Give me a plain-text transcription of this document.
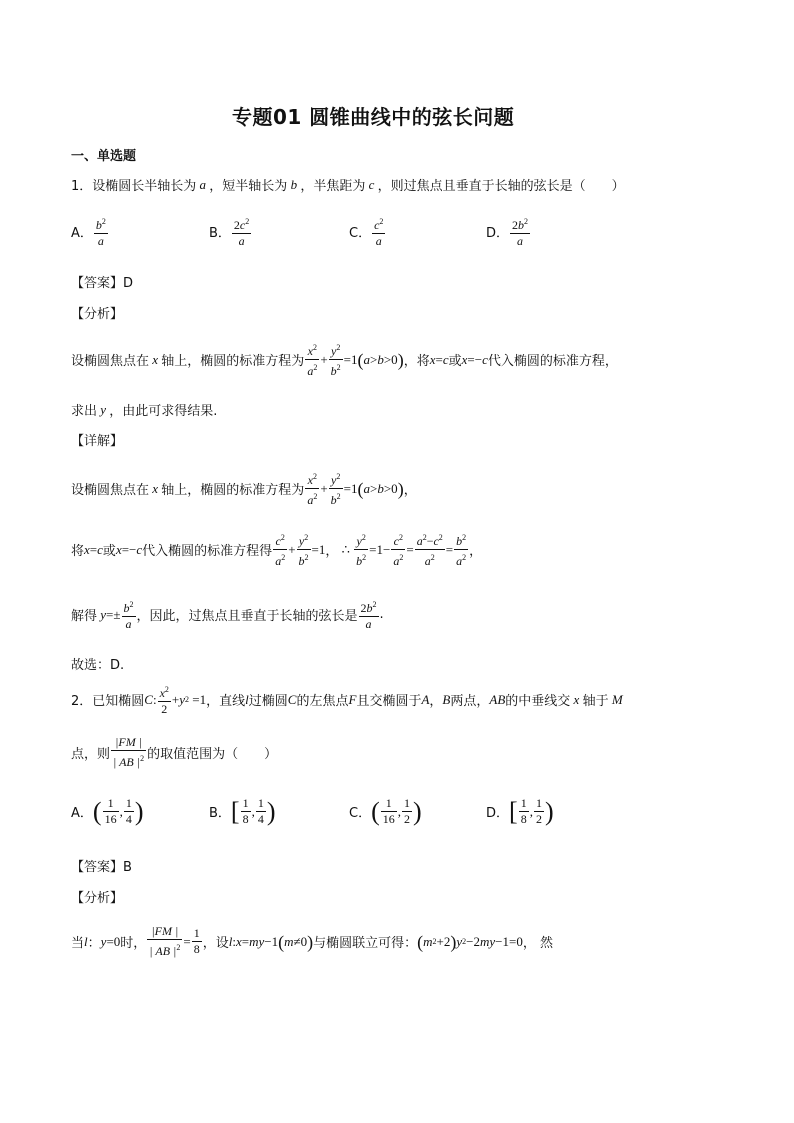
专题01 圆锥曲线中的弦长问题
一、单选题
1． 设椭圆长半轴长为 a ，短半轴长为 b ，半焦距为 c ，则过焦点且垂直于长轴的弦长是（　　）
A． $\frac{b^2}{a}$	B． $\frac{2c^2}{a}$	C． $\frac{c^2}{a}$	D． $\frac{2b^2}{a}$
【答案】D
【分析】
设椭圆焦点在 x 轴上，椭圆的标准方程为 $\frac{x^2}{a^2} + \frac{y^2}{b^2} =1$ ( a > b >0 ) ，将 x = c 或 x =− c 代入椭圆的标准方程，
求出 y ，由此可求得结果.
【详解】
设椭圆焦点在 x 轴上，椭圆的标准方程为 $\frac{x^2}{a^2} + \frac{y^2}{b^2} =1$ ( a > b >0 ) ，
将 x = c 或 x =− c 代入椭圆的标准方程得 $\frac{c^2}{a^2} + \frac{y^2}{b^2} =1$ ， ∴ $\frac{y^2}{b^2} =1- \frac{c^2}{a^2} = \frac{a^2-c^2}{a^2} = \frac{b^2}{a^2}$ ，
解得 $y =\pm \frac{b^2}{a}$ ，因此，过焦点且垂直于长轴的弦长是 $\frac{2b^2}{a}$ .
故选：D.
2． 已知椭圆 C : $\frac{x^2}{2} + y$ 2 =1 ，直线 l 过椭圆 C 的左焦点 F 且交椭圆于 A ， B 两点， AB 的中垂线交 x 轴于 M
点，则 $\frac{|FM |}{| AB |^2}$ 的取值范围为（　　）
A． ( $\frac{1}{16}$ , $\frac{1}{4}$ )	B． [ $\frac{1}{8}$ , $\frac{1}{4}$ )	C． ( $\frac{1}{16}$ , $\frac{1}{2}$ )	D． [ $\frac{1}{8}$ , $\frac{1}{2}$ )
【答案】B
【分析】
当 l ： y =0 时， $\frac{|FM |}{| AB |^2} = \frac{1}{8}$ ，设 l : x = my −1 ( m ≠0 ) 与椭圆联立可得： ( m 2 +2 ) y 2 −2 my −1=0 ， 然
